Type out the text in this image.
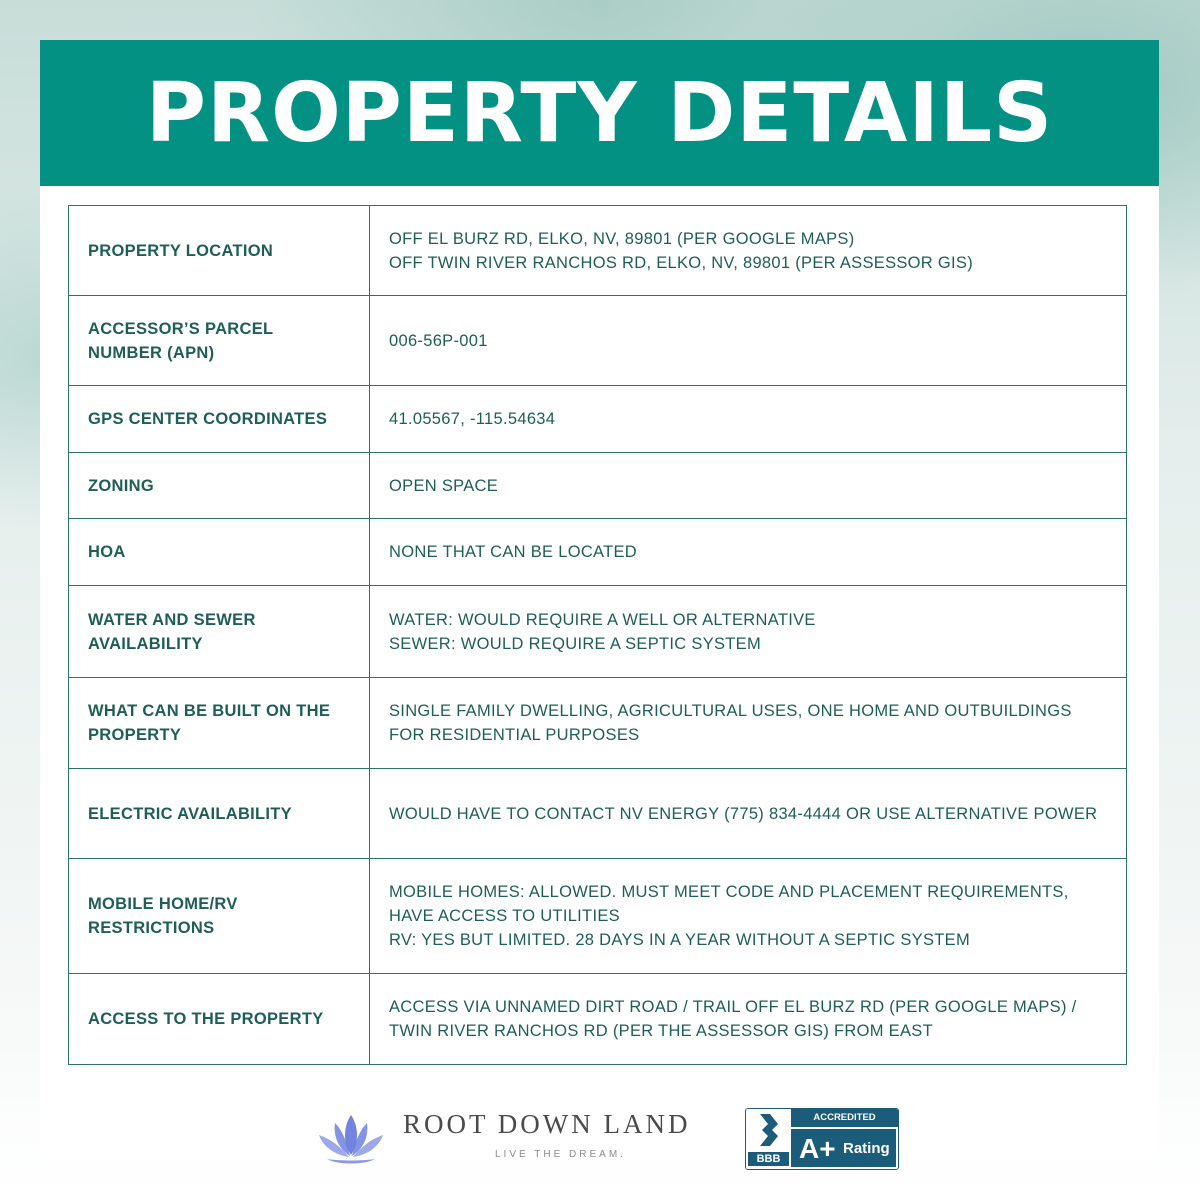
PROPERTY DETAILS
PROPERTY LOCATION	OFF EL BURZ RD, ELKO, NV, 89801 (PER GOOGLE MAPS)
OFF TWIN RIVER RANCHOS RD, ELKO, NV, 89801 (PER ASSESSOR GIS)
ACCESSOR’S PARCEL NUMBER (APN)	006-56P-001
GPS CENTER COORDINATES	41.05567, -115.54634
ZONING	OPEN SPACE
HOA	NONE THAT CAN BE LOCATED
WATER AND SEWER AVAILABILITY	WATER: WOULD REQUIRE A WELL OR ALTERNATIVE
SEWER: WOULD REQUIRE A SEPTIC SYSTEM
WHAT CAN BE BUILT ON THE PROPERTY	SINGLE FAMILY DWELLING, AGRICULTURAL USES, ONE HOME AND OUTBUILDINGS FOR RESIDENTIAL PURPOSES
ELECTRIC AVAILABILITY	WOULD HAVE TO CONTACT NV ENERGY (775) 834-4444 OR USE ALTERNATIVE POWER
MOBILE HOME/RV RESTRICTIONS	MOBILE HOMES: ALLOWED. MUST MEET CODE AND PLACEMENT REQUIREMENTS, HAVE ACCESS TO UTILITIES
RV: YES BUT LIMITED. 28 DAYS IN A YEAR WITHOUT A SEPTIC SYSTEM
ACCESS TO THE PROPERTY	ACCESS VIA UNNAMED DIRT ROAD / TRAIL OFF EL BURZ RD (PER GOOGLE MAPS) / TWIN RIVER RANCHOS RD (PER THE ASSESSOR GIS) FROM EAST
ROOT DOWN LAND
LIVE THE DREAM.	BBB
ACCREDITED
A+ Rating
